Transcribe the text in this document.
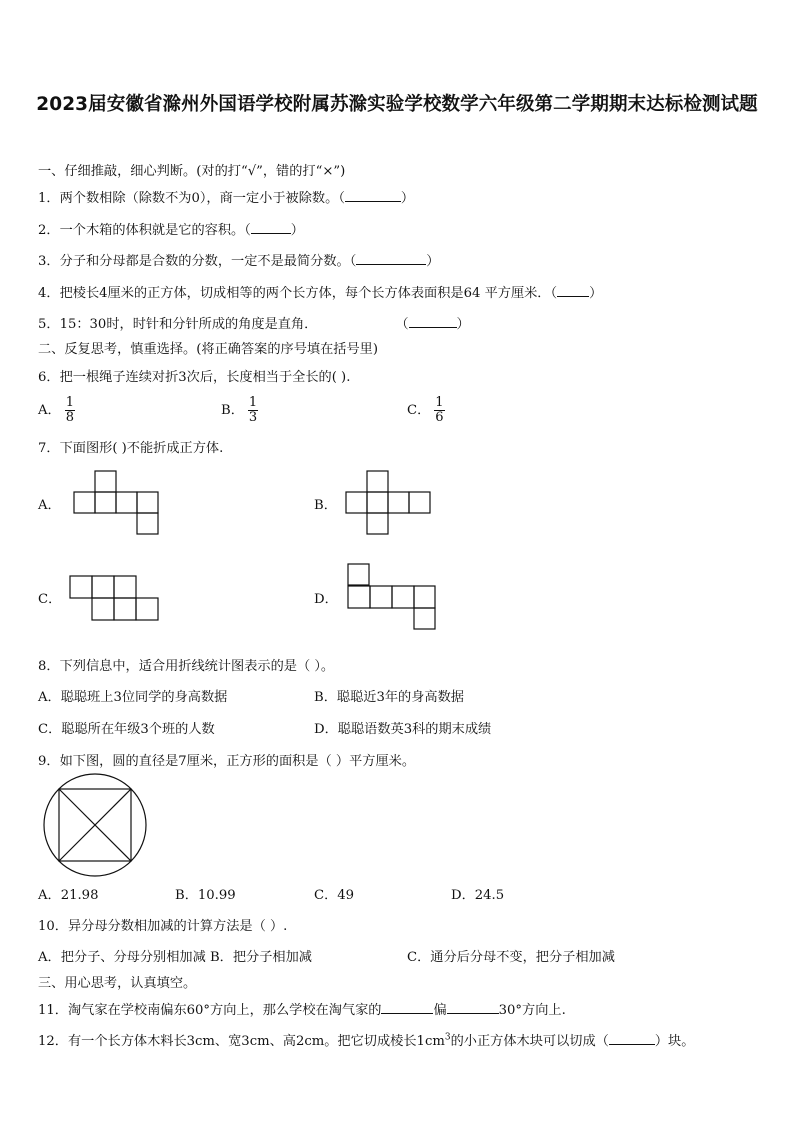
2023届安徽省滁州外国语学校附属苏滁实验学校数学六年级第二学期期末达标检测试题
一、仔细推敲，细心判断。(对的打“√”，错的打“×”)
1．两个数相除（除数不为0），商一定小于被除数。（	）
2．一个木箱的体积就是它的容积。（	）
3．分子和分母都是合数的分数，一定不是最简分数。（	）
4．把棱长4厘米的正方体，切成相等的两个长方体，每个长方体表面积是64 平方厘米．（ ）
5．15：30时，时针和分针所成的角度是直角．	（	）
二、反复思考，慎重选择。(将正确答案的序号填在括号里)
6．把一根绳子连续对折3次后，长度相当于全长的( ).
A． $\frac{1}{8}$	B． $\frac{1}{3}$	C． $\frac{1}{6}$
7．下面图形( )不能折成正方体.
A．	B．
C．	D．
8．下列信息中，适合用折线统计图表示的是（ ）。
A．聪聪班上3位同学的身高数据	B．聪聪近3年的身高数据
C．聪聪所在年级3个班的人数	D．聪聪语数英3科的期末成绩
9．如下图，圆的直径是7厘米，正方形的面积是（ ）平方厘米。
A．21.98	B．10.99	C．49	D．24.5
10．异分母分数相加减的计算方法是（ ）.
A．把分子、分母分别相加减 B．把分子相加减	C．通分后分母不变，把分子相加减
三、用心思考，认真填空。
11．淘气家在学校南偏东60°方向上，那么学校在淘气家的	偏	30°方向上.
12．有一个长方体木料长3cm、宽3cm、高2cm。把它切成棱长$1cm^3$的小正方体木块可以切成（	）块。
